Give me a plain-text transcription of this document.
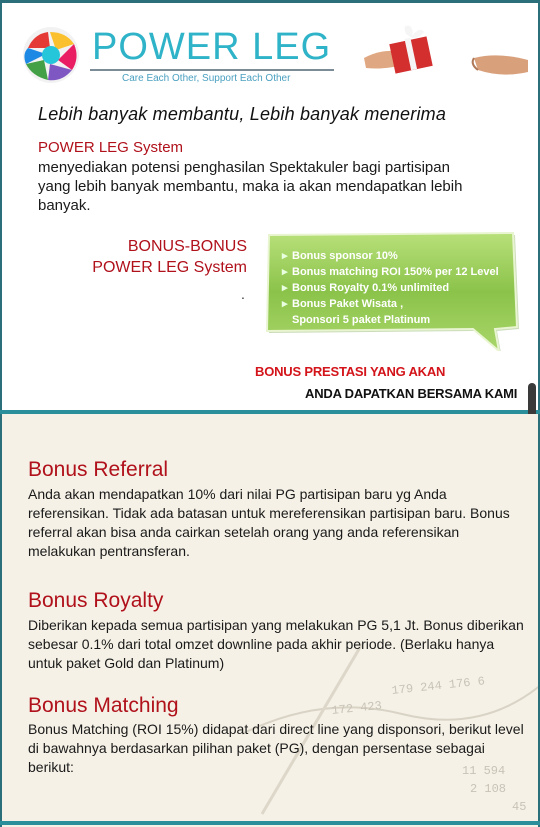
POWER LEG
Care Each Other, Support Each Other
Lebih banyak membantu, Lebih banyak menerima
POWER LEG System
menyediakan potensi penghasilan Spektakuler bagi partisipan yang lebih banyak membantu, maka ia akan mendapatkan lebih banyak.
BONUS-BONUS
POWER LEG System
.
▸ Bonus sponsor 10%
▸ Bonus matching ROI 150% per 12 Level
▸ Bonus Royalty 0.1% unlimited
▸ Bonus Paket Wisata ,
Sponsori 5 paket Platinum
BONUS PRESTASI YANG AKAN
ANDA DAPATKAN BERSAMA KAMI
179 244 176 6
172 423
11 594
2 108
45
Bonus Referral
Anda akan mendapatkan 10% dari nilai PG partisipan baru yg Anda referensikan. Tidak ada batasan untuk mereferensikan partisipan baru. Bonus referral akan bisa anda cairkan setelah orang yang anda referensikan melakukan pentransferan.
Bonus Royalty
Diberikan kepada semua partisipan yang melakukan PG 5,1 Jt. Bonus diberikan sebesar 0.1% dari total omzet downline pada akhir periode. (Berlaku hanya untuk paket Gold dan Platinum)
Bonus Matching
Bonus Matching (ROI 15%) didapat dari direct line yang disponsori, berikut level di bawahnya berdasarkan pilihan paket (PG), dengan persentase sebagai berikut:
